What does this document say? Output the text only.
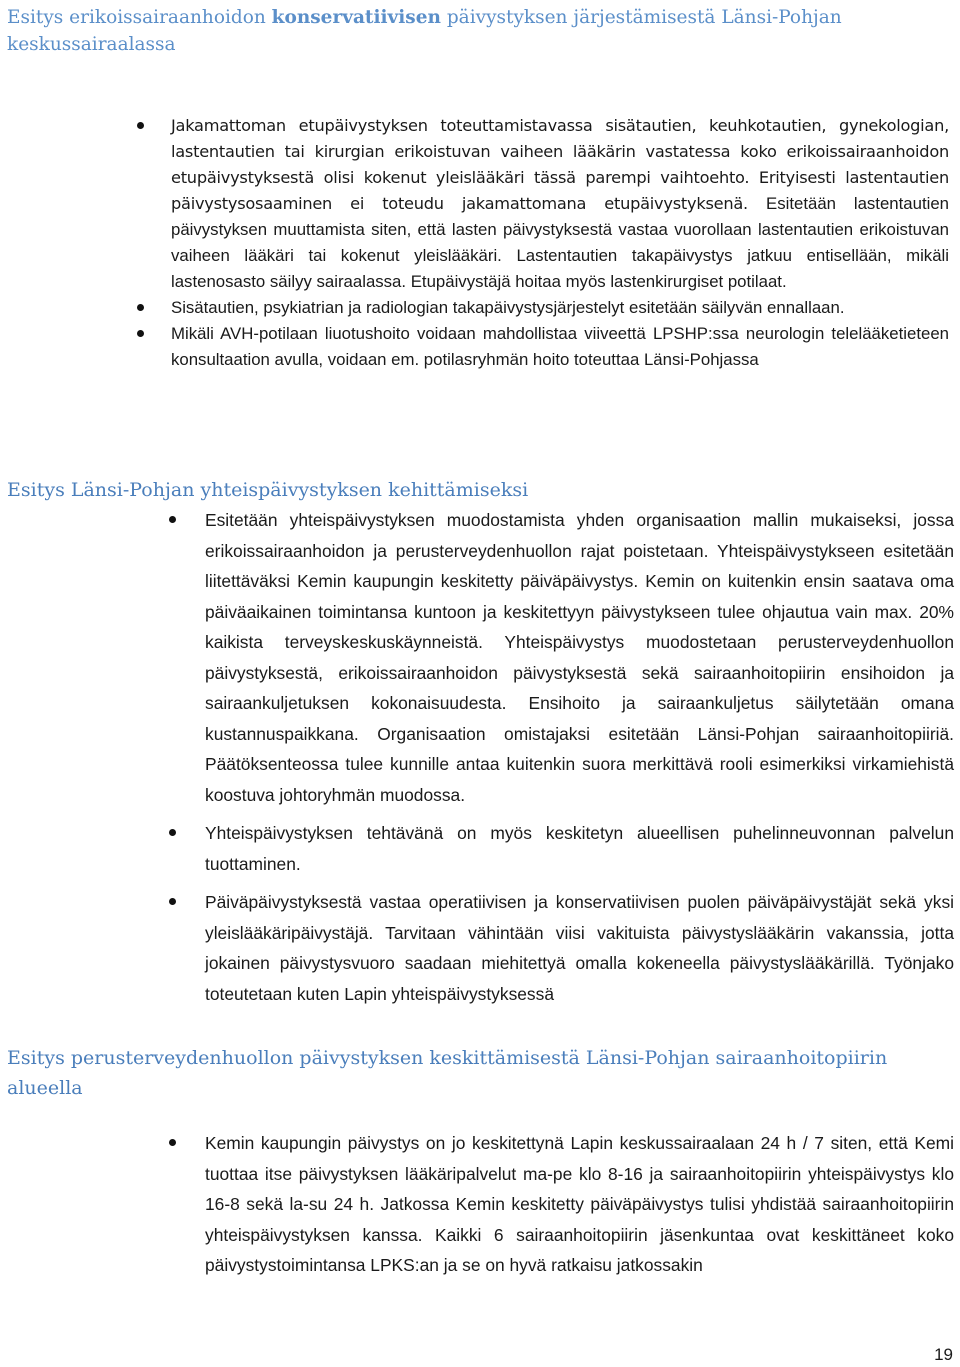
Esitys erikoissairaanhoidon konservatiivisen päivystyksen järjestämisestä Länsi-Pohjan keskussairaalassa
Jakamattoman etupäivystyksen toteuttamistavassa sisätautien, keuhkotautien, gynekologian, lastentautien tai kirurgian erikoistuvan vaiheen lääkärin vastatessa koko erikoissairaanhoidon etupäivystyksestä olisi kokenut yleislääkäri tässä parempi vaihtoehto. Erityisesti lastentautien päivystysosaaminen ei toteudu jakamattomana etupäivystyksenä. Esitetään lastentautien päivystyksen muuttamista siten, että lasten päivystyksestä vastaa vuorollaan lastentautien erikoistuvan vaiheen lääkäri tai kokenut yleislääkäri. Lastentautien takapäivystys jatkuu entisellään, mikäli lastenosasto säilyy sairaalassa. Etupäivystäjä hoitaa myös lastenkirurgiset potilaat.
Sisätautien, psykiatrian ja radiologian takapäivystysjärjestelyt esitetään säilyvän ennallaan.
Mikäli AVH-potilaan liuotushoito voidaan mahdollistaa viiveettä LPSHP:ssa neurologin telelääketieteen konsultaation avulla, voidaan em. potilasryhmän hoito toteuttaa Länsi-Pohjassa
Esitys Länsi-Pohjan yhteispäivystyksen kehittämiseksi
Esitetään yhteispäivystyksen muodostamista yhden organisaation mallin mukaiseksi, jossa erikoissairaanhoidon ja perusterveydenhuollon rajat poistetaan. Yhteispäivystykseen esitetään liitettäväksi Kemin kaupungin keskitetty päiväpäivystys. Kemin on kuitenkin ensin saatava oma päiväaikainen toimintansa kuntoon ja keskitettyyn päivystykseen tulee ohjautua vain max. 20% kaikista terveyskeskuskäynneistä. Yhteispäivystys muodostetaan perusterveydenhuollon päivystyksestä, erikoissairaanhoidon päivystyksestä sekä sairaanhoitopiirin ensihoidon ja sairaankuljetuksen kokonaisuudesta. Ensihoito ja sairaankuljetus säilytetään omana kustannuspaikkana. Organisaation omistajaksi esitetään Länsi-Pohjan sairaanhoitopiiriä. Päätöksenteossa tulee kunnille antaa kuitenkin suora merkittävä rooli esimerkiksi virkamiehistä koostuva johtoryhmän muodossa.
Yhteispäivystyksen tehtävänä on myös keskitetyn alueellisen puhelinneuvonnan palvelun tuottaminen.
Päiväpäivystyksestä vastaa operatiivisen ja konservatiivisen puolen päiväpäivystäjät sekä yksi yleislääkäripäivystäjä. Tarvitaan vähintään viisi vakituista päivystyslääkärin vakanssia, jotta jokainen päivystysvuoro saadaan miehitettyä omalla kokeneella päivystyslääkärillä. Työnjako toteutetaan kuten Lapin yhteispäivystyksessä
Esitys perusterveydenhuollon päivystyksen keskittämisestä Länsi-Pohjan sairaanhoitopiirin alueella
Kemin kaupungin päivystys on jo keskitettynä Lapin keskussairaalaan 24 h / 7 siten, että Kemi tuottaa itse päivystyksen lääkäripalvelut ma-pe klo 8-16 ja sairaanhoitopiirin yhteispäivystys klo 16-8 sekä la-su 24 h. Jatkossa Kemin keskitetty päiväpäivystys tulisi yhdistää sairaanhoitopiirin yhteispäivystyksen kanssa. Kaikki 6 sairaanhoitopiirin jäsenkuntaa ovat keskittäneet koko päivystystoimintansa LPKS:an ja se on hyvä ratkaisu jatkossakin
19
